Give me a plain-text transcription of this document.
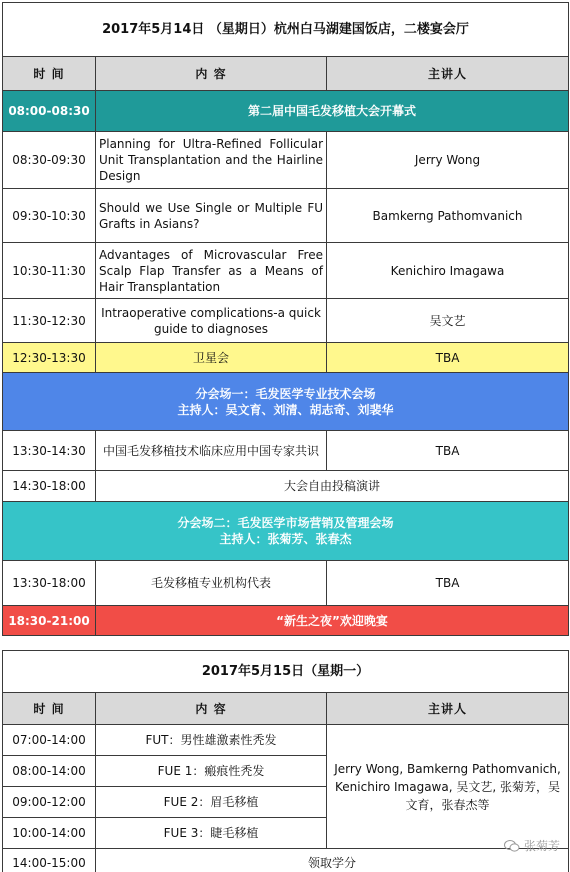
2017年5月14日 （星期日）杭州白马湖建国饭店，二楼宴会厅		
时 间	内 容	主讲人
08:00-08:30	第二届中国毛发移植大会开幕式	
08:30-09:30	Planning for Ultra-Refined Follicular Unit Transplantation and the Hairline Design	Jerry Wong
09:30-10:30	Should we Use Single or Multiple FU Grafts in Asians?	Bamkerng Pathomvanich
10:30-11:30	Advantages of Microvascular Free Scalp Flap Transfer as a Means of Hair Transplantation	Kenichiro Imagawa
11:30-12:30	Intraoperative complications-a quick guide to diagnoses	吴文艺
12:30-13:30	卫星会	TBA

分会场一：毛发医学专业技术会场
主持人：吴文育、刘清、胡志奇、刘裴华		

13:30-14:30	中国毛发移植技术临床应用中国专家共识	TBA
14:30-18:00	大会自由投稿演讲	

分会场二：毛发医学市场营销及管理会场
主持人：张菊芳、张春杰		

13:30-18:00	毛发移植专业机构代表	TBA
18:30-21:00	“新生之夜”欢迎晚宴	
2017年5月15日（星期一）		
时 间	内 容	主讲人
07:00-14:00	FUT：男性雄激素性秃发	Jerry Wong, Bamkerng Pathomvanich, Kenichiro Imagawa, 吴文艺, 张菊芳，吴文育，张春杰等
08:00-14:00	FUE 1：瘢痕性秃发	
09:00-12:00	FUE 2：眉毛移植	
10:00-14:00	FUE 3：睫毛移植	
14:00-15:00	领取学分	
张菊芳
